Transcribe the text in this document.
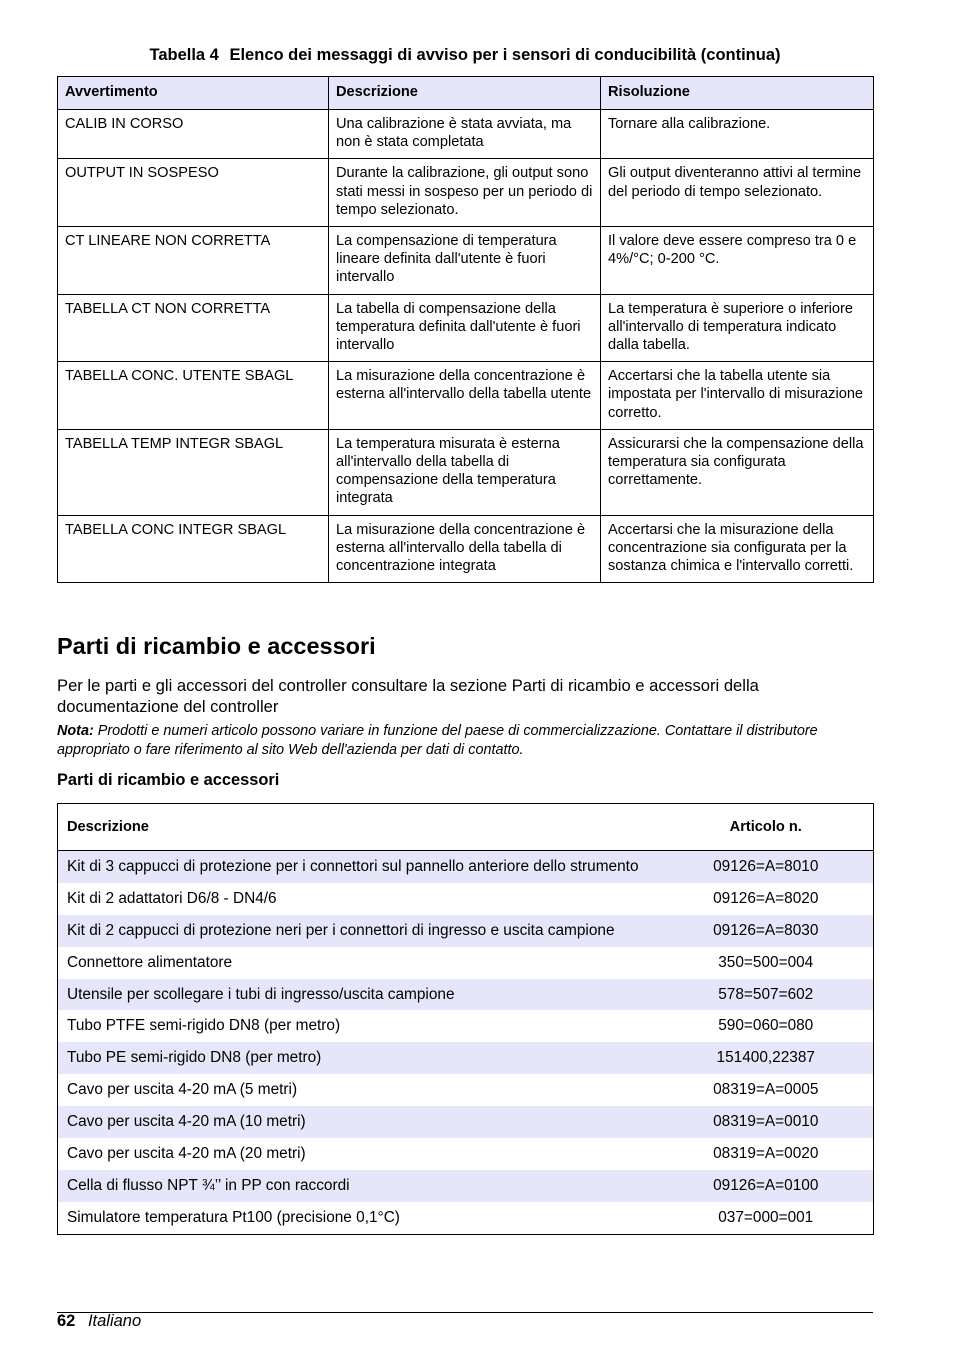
Tabella 4 Elenco dei messaggi di avviso per i sensori di conducibilità (continua)
Avvertimento	Descrizione	Risoluzione
CALIB IN CORSO	Una calibrazione è stata avviata, ma non è stata completata	Tornare alla calibrazione.
OUTPUT IN SOSPESO	Durante la calibrazione, gli output sono stati messi in sospeso per un periodo di tempo selezionato.	Gli output diventeranno attivi al termine del periodo di tempo selezionato.
CT LINEARE NON CORRETTA	La compensazione di temperatura lineare definita dall'utente è fuori intervallo	Il valore deve essere compreso tra 0 e 4%/°C; 0-200 °C.
TABELLA CT NON CORRETTA	La tabella di compensazione della temperatura definita dall'utente è fuori intervallo	La temperatura è superiore o inferiore all'intervallo di temperatura indicato dalla tabella.
TABELLA CONC. UTENTE SBAGL	La misurazione della concentrazione è esterna all'intervallo della tabella utente	Accertarsi che la tabella utente sia impostata per l'intervallo di misurazione corretto.
TABELLA TEMP INTEGR SBAGL	La temperatura misurata è esterna all'intervallo della tabella di compensazione della temperatura integrata	Assicurarsi che la compensazione della temperatura sia configurata correttamente.
TABELLA CONC INTEGR SBAGL	La misurazione della concentrazione è esterna all'intervallo della tabella di concentrazione integrata	Accertarsi che la misurazione della concentrazione sia configurata per la sostanza chimica e l'intervallo corretti.
Parti di ricambio e accessori

Per le parti e gli accessori del controller consultare la sezione Parti di ricambio e accessori della documentazione del controller

Nota: Prodotti e numeri articolo possono variare in funzione del paese di commercializzazione. Contattare il distributore appropriato o fare riferimento al sito Web dell'azienda per dati di contatto.

Parti di ricambio e accessori

Descrizione	Articolo n.
Kit di 3 cappucci di protezione per i connettori sul pannello anteriore dello strumento	09126=A=8010
Kit di 2 adattatori D6/8 - DN4/6	09126=A=8020
Kit di 2 cappucci di protezione neri per i connettori di ingresso e uscita campione	09126=A=8030
Connettore alimentatore	350=500=004
Utensile per scollegare i tubi di ingresso/uscita campione	578=507=602
Tubo PTFE semi-rigido DN8 (per metro)	590=060=080
Tubo PE semi-rigido DN8 (per metro)	151400,22387
Cavo per uscita 4-20 mA (5 metri)	08319=A=0005
Cavo per uscita 4-20 mA (10 metri)	08319=A=0010
Cavo per uscita 4-20 mA (20 metri)	08319=A=0020
Cella di flusso NPT ¾’’ in PP con raccordi	09126=A=0100
Simulatore temperatura Pt100 (precisione 0,1°C)	037=000=001
62 Italiano
